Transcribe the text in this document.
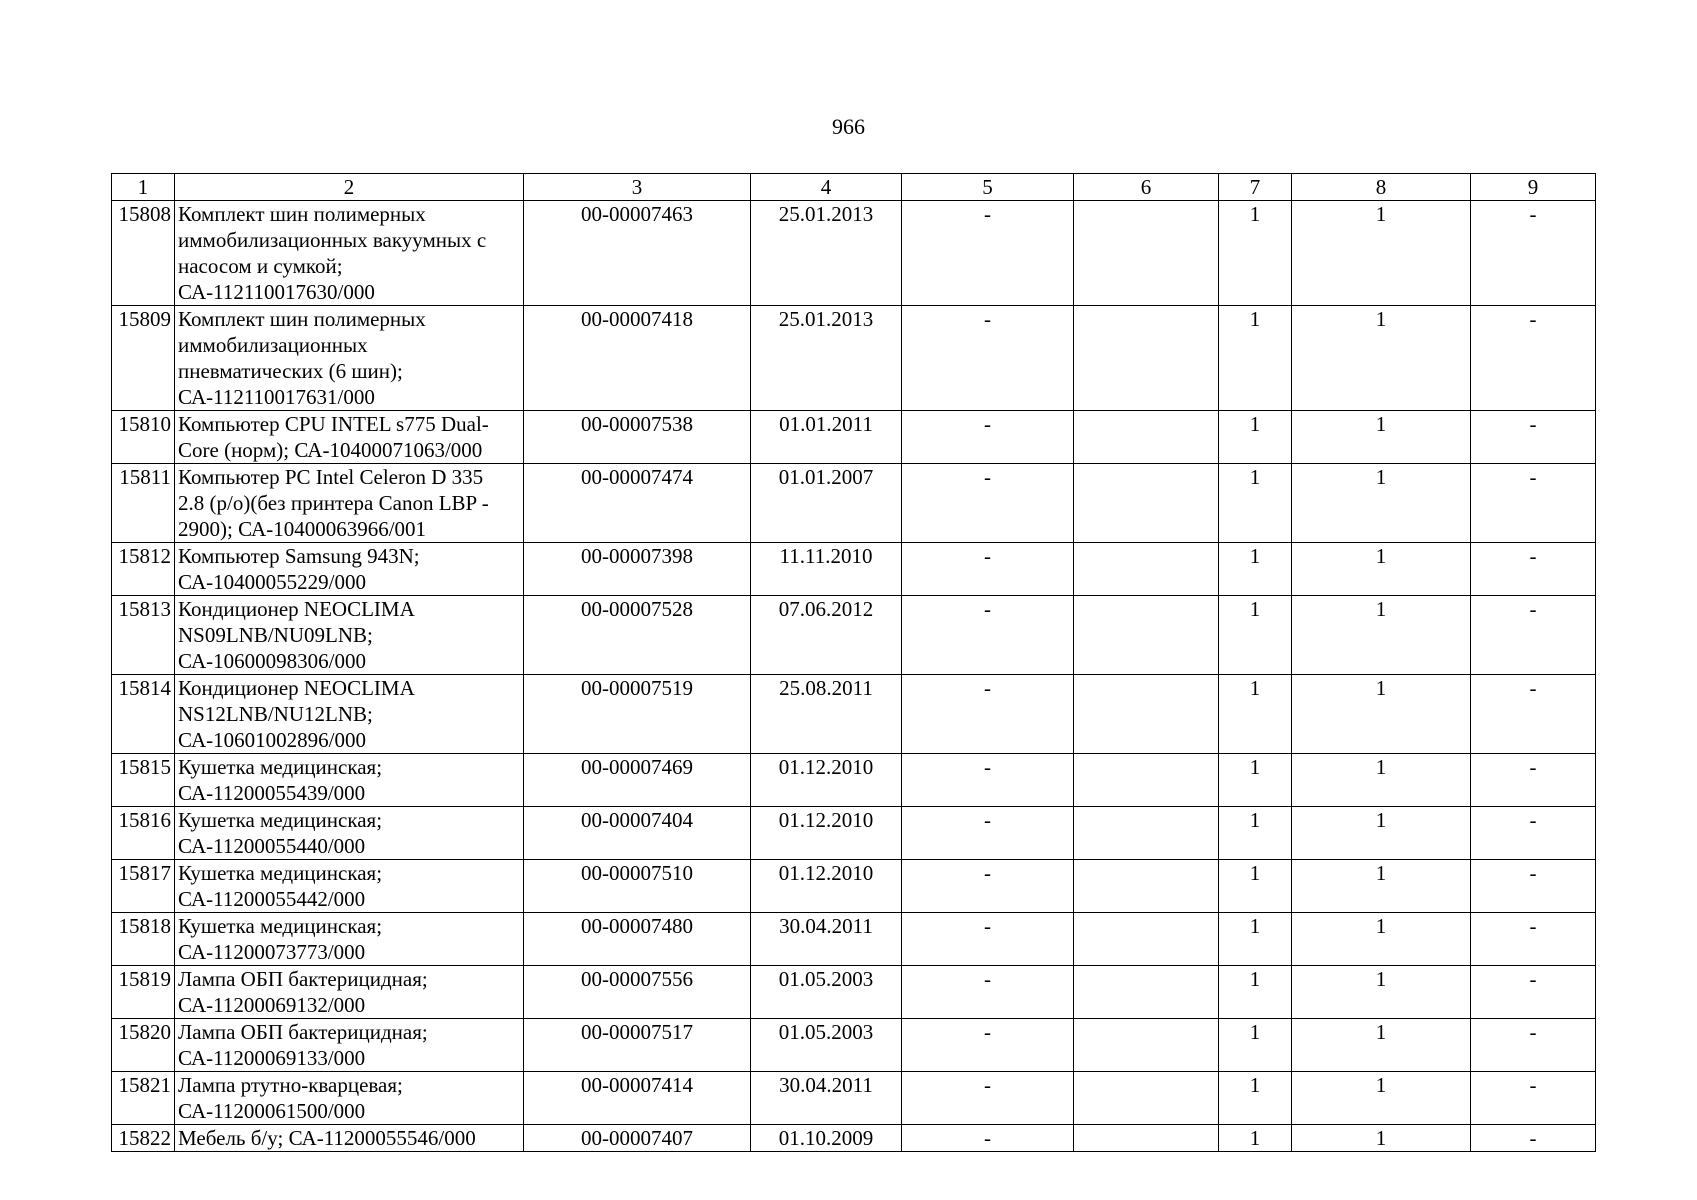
966
1	2	3	4	5	6	7	8	9
15808	Комплект шин полимерных
иммобилизационных вакуумных с
насосом и сумкой;
СА-112110017630/000	00-00007463	25.01.2013	-		1	1	-
15809	Комплект шин полимерных
иммобилизационных
пневматических (6 шин);
СА-112110017631/000	00-00007418	25.01.2013	-		1	1	-
15810	Компьютер CPU INTEL s775 Dual-
Core (норм); СА-10400071063/000	00-00007538	01.01.2011	-		1	1	-
15811	Компьютер PC Intel Celeron D 335
2.8 (р/о)(без принтера Canon LBP -
2900); СА-10400063966/001	00-00007474	01.01.2007	-		1	1	-
15812	Компьютер Samsung 943N;
СА-10400055229/000	00-00007398	11.11.2010	-		1	1	-
15813	Кондиционер NEOCLIMA
NS09LNB/NU09LNB;
СА-10600098306/000	00-00007528	07.06.2012	-		1	1	-
15814	Кондиционер NEOCLIMA
NS12LNB/NU12LNB;
СА-10601002896/000	00-00007519	25.08.2011	-		1	1	-
15815	Кушетка медицинская;
СА-11200055439/000	00-00007469	01.12.2010	-		1	1	-
15816	Кушетка медицинская;
СА-11200055440/000	00-00007404	01.12.2010	-		1	1	-
15817	Кушетка медицинская;
СА-11200055442/000	00-00007510	01.12.2010	-		1	1	-
15818	Кушетка медицинская;
СА-11200073773/000	00-00007480	30.04.2011	-		1	1	-
15819	Лампа ОБП бактерицидная;
СА-11200069132/000	00-00007556	01.05.2003	-		1	1	-
15820	Лампа ОБП бактерицидная;
СА-11200069133/000	00-00007517	01.05.2003	-		1	1	-
15821	Лампа ртутно-кварцевая;
СА-11200061500/000	00-00007414	30.04.2011	-		1	1	-
15822	Мебель б/у; СА-11200055546/000	00-00007407	01.10.2009	-		1	1	-
